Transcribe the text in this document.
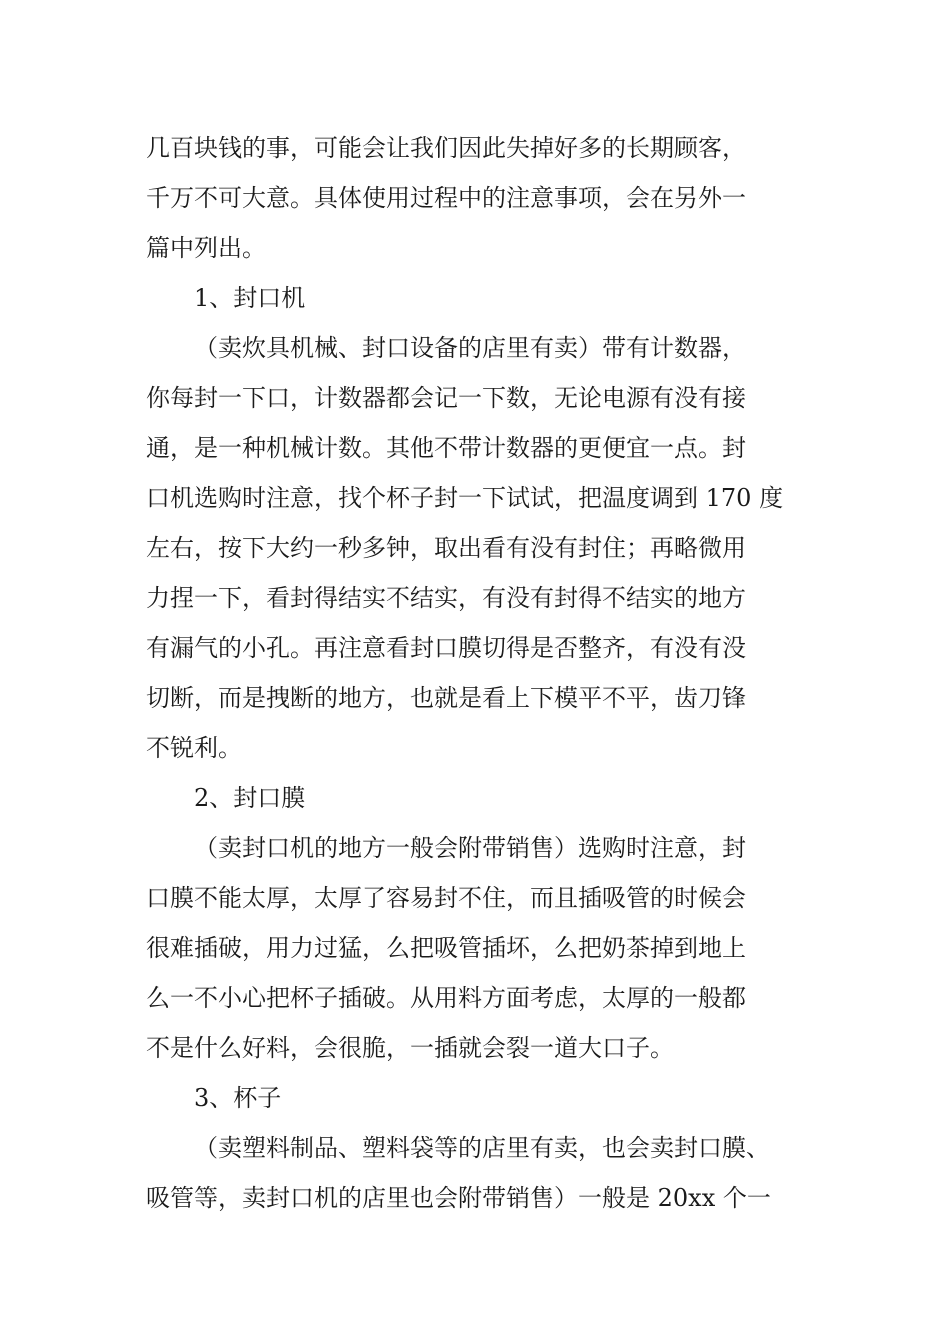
几百块钱的事，可能会让我们因此失掉好多的长期顾客，
千万不可大意。具体使用过程中的注意事项，会在另外一
篇中列出。

1、封口机

（卖炊具机械、封口设备的店里有卖）带有计数器，
你每封一下口，计数器都会记一下数，无论电源有没有接
通，是一种机械计数。其他不带计数器的更便宜一点。封
口机选购时注意，找个杯子封一下试试，把温度调到 170 度
左右，按下大约一秒多钟，取出看有没有封住；再略微用
力捏一下，看封得结实不结实，有没有封得不结实的地方
有漏气的小孔。再注意看封口膜切得是否整齐，有没有没
切断，而是拽断的地方，也就是看上下模平不平，齿刀锋
不锐利。

2、封口膜

（卖封口机的地方一般会附带销售）选购时注意，封
口膜不能太厚，太厚了容易封不住，而且插吸管的时候会
很难插破，用力过猛，么把吸管插坏，么把奶茶掉到地上
么一不小心把杯子插破。从用料方面考虑，太厚的一般都
不是什么好料，会很脆，一插就会裂一道大口子。

3、杯子

（卖塑料制品、塑料袋等的店里有卖，也会卖封口膜、
吸管等，卖封口机的店里也会附带销售）一般是 20xx 个一
